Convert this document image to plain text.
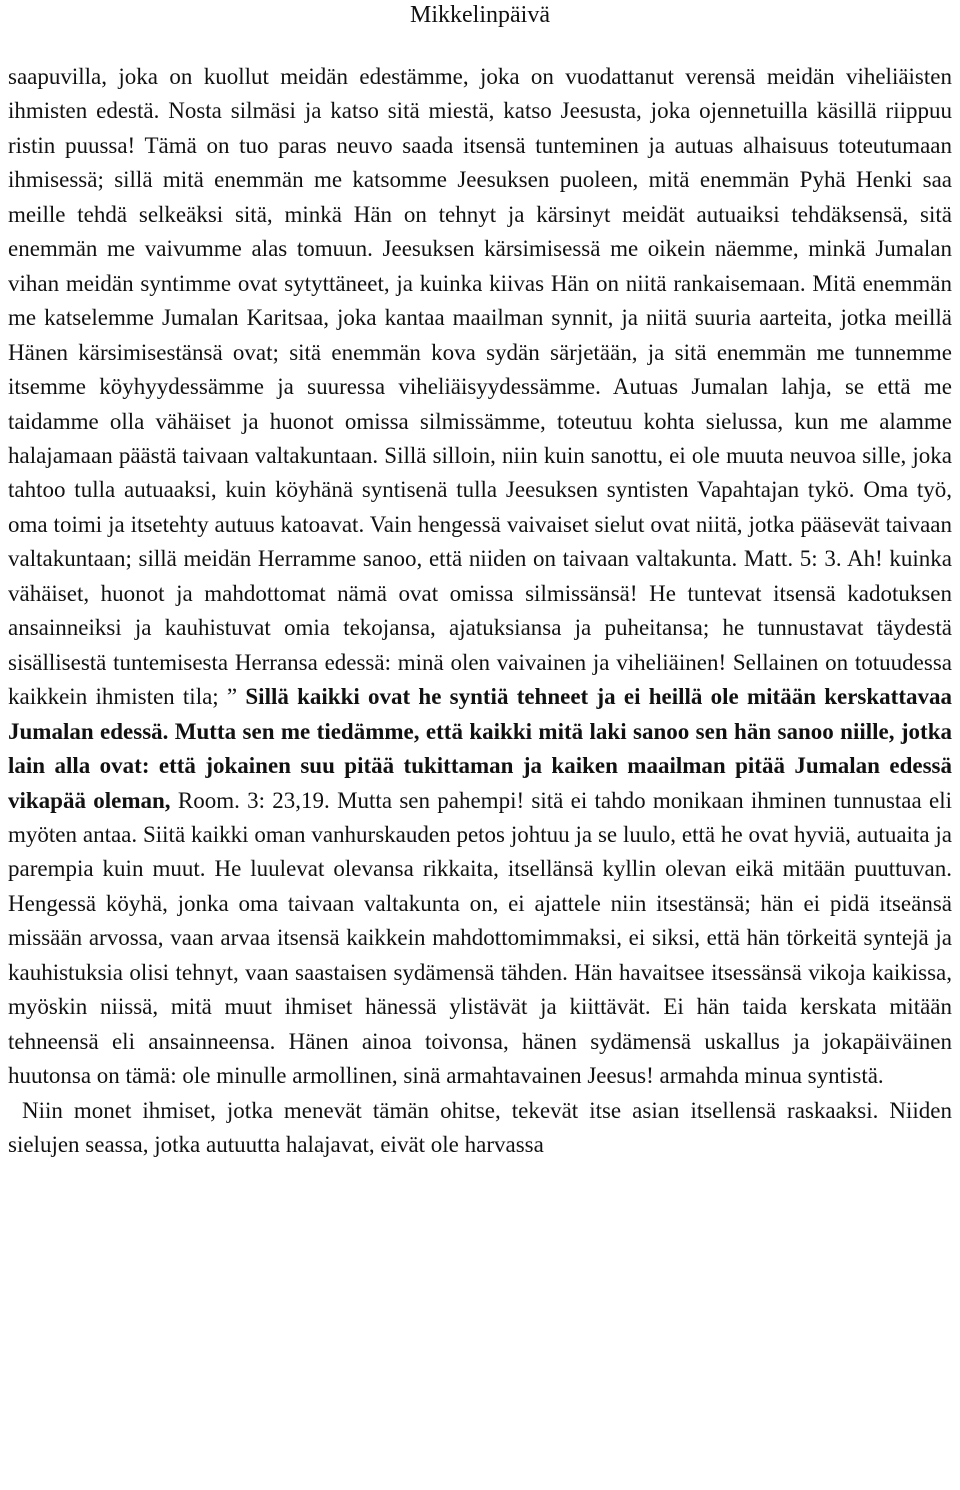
Mikkelinpäivä

saapuvilla, joka on kuollut meidän edestämme, joka on vuodattanut verensä meidän viheliäisten ihmisten edestä. Nosta silmäsi ja katso sitä miestä, katso Jeesusta, joka ojennetuilla käsillä riippuu ristin puussa! Tämä on tuo paras neuvo saada itsensä tunteminen ja autuas alhaisuus toteutumaan ihmisessä; sillä mitä enemmän me katsomme Jeesuksen puoleen, mitä enemmän Pyhä Henki saa meille tehdä selkeäksi sitä, minkä Hän on tehnyt ja kärsinyt meidät autuaiksi tehdäksensä, sitä enemmän me vaivumme alas tomuun. Jeesuksen kärsimisessä me oikein näemme, minkä Jumalan vihan meidän syntimme ovat sytyttäneet, ja kuinka kiivas Hän on niitä rankaisemaan. Mitä enemmän me katselemme Jumalan Karitsaa, joka kantaa maailman synnit, ja niitä suuria aarteita, jotka meillä Hänen kärsimisestänsä ovat; sitä enemmän kova sydän särjetään, ja sitä enemmän me tunnemme itsemme köyhyydessämme ja suuressa viheliäisyydessämme. Autuas Jumalan lahja, se että me taidamme olla vähäiset ja huonot omissa silmissämme, toteutuu kohta sielussa, kun me alamme halajamaan päästä taivaan valtakuntaan. Sillä silloin, niin kuin sanottu, ei ole muuta neuvoa sille, joka tahtoo tulla autuaaksi, kuin köyhänä syntisenä tulla Jeesuksen syntisten Vapahtajan tykö. Oma työ, oma toimi ja itsetehty autuus katoavat. Vain hengessä vaivaiset sielut ovat niitä, jotka pääsevät taivaan valtakuntaan; sillä meidän Herramme sanoo, että niiden on taivaan valtakunta. Matt. 5: 3. Ah! kuinka vähäiset, huonot ja mahdottomat nämä ovat omissa silmissänsä! He tuntevat itsensä kadotuksen ansainneiksi ja kauhistuvat omia tekojansa, ajatuksiansa ja puheitansa; he tunnustavat täydestä sisällisestä tuntemisesta Herransa edessä: minä olen vaivainen ja viheliäinen! Sellainen on totuudessa kaikkein ihmisten tila; ” Sillä kaikki ovat he syntiä tehneet ja ei heillä ole mitään kerskattavaa Jumalan edessä. Mutta sen me tiedämme, että kaikki mitä laki sanoo sen hän sanoo niille, jotka lain alla ovat: että jokainen suu pitää tukittaman ja kaiken maailman pitää Jumalan edessä vikapää oleman, Room. 3: 23,19. Mutta sen pahempi! sitä ei tahdo monikaan ihminen tunnustaa eli myöten antaa. Siitä kaikki oman vanhurskauden petos johtuu ja se luulo, että he ovat hyviä, autuaita ja parempia kuin muut. He luulevat olevansa rikkaita, itsellänsä kyllin olevan eikä mitään puuttuvan. Hengessä köyhä, jonka oma taivaan valtakunta on, ei ajattele niin itsestänsä; hän ei pidä itseänsä missään arvossa, vaan arvaa itsensä kaikkein mahdottomimmaksi, ei siksi, että hän törkeitä syntejä ja kauhistuksia olisi tehnyt, vaan saastaisen sydämensä tähden. Hän havaitsee itsessänsä vikoja kaikissa, myöskin niissä, mitä muut ihmiset hänessä ylistävät ja kiittävät. Ei hän taida kerskata mitään tehneensä eli ansainneensa. Hänen ainoa toivonsa, hänen sydämensä uskallus ja jokapäiväinen huutonsa on tämä: ole minulle armollinen, sinä armahtavainen Jeesus! armahda minua syntistä.

Niin monet ihmiset, jotka menevät tämän ohitse, tekevät itse asian itsellensä raskaaksi. Niiden sielujen seassa, jotka autuutta halajavat, eivät ole harvassa
